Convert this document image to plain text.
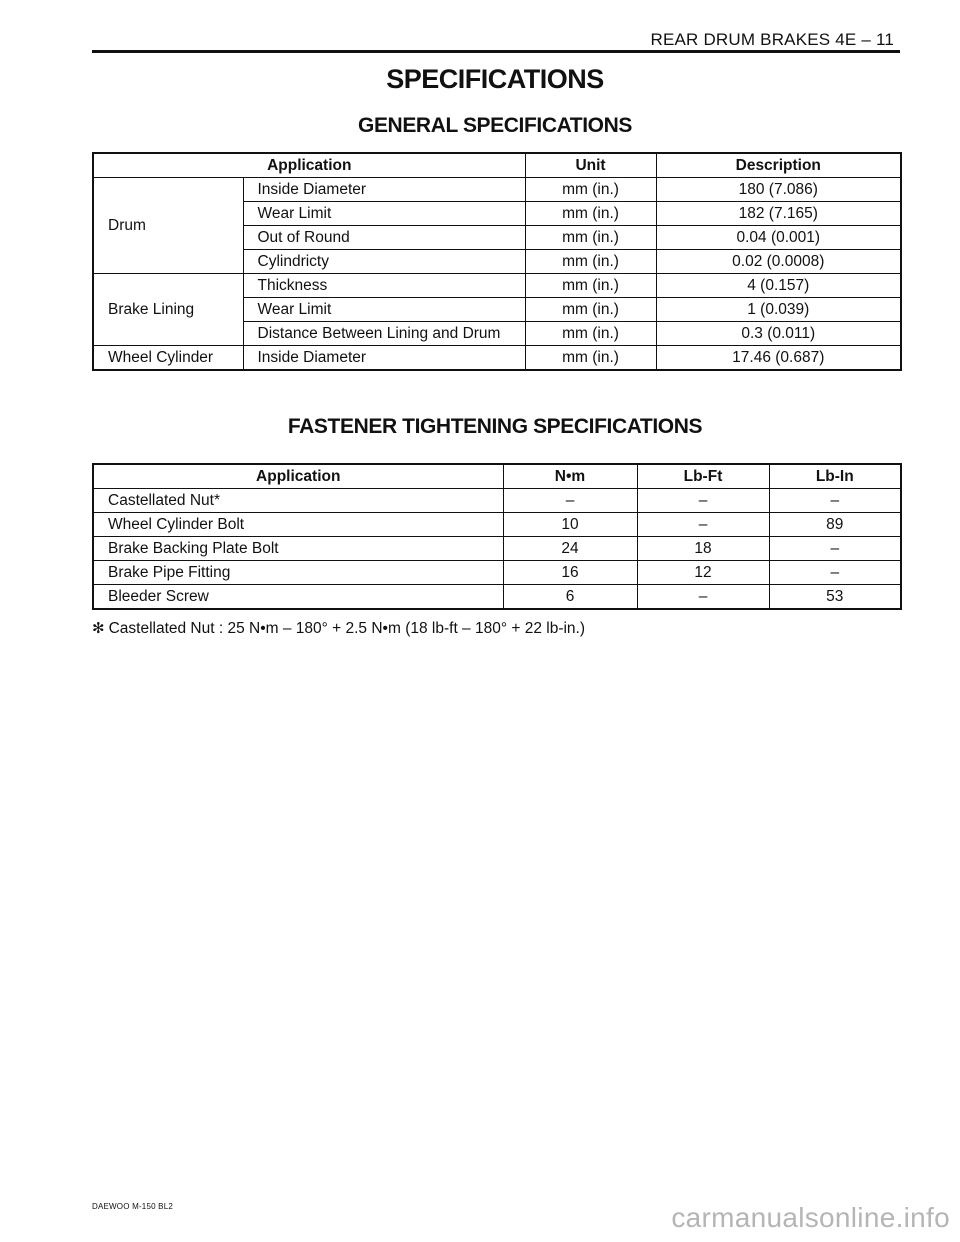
REAR DRUM BRAKES 4E – 11
SPECIFICATIONS
GENERAL SPECIFICATIONS
Application		Unit	Description
Drum	Inside Diameter	mm (in.)	180 (7.086)
	Wear Limit	mm (in.)	182 (7.165)
	Out of Round	mm (in.)	0.04 (0.001)
	Cylindricty	mm (in.)	0.02 (0.0008)
Brake Lining	Thickness	mm (in.)	4 (0.157)
	Wear Limit	mm (in.)	1 (0.039)
	Distance Between Lining and Drum	mm (in.)	0.3 (0.011)
Wheel Cylinder	Inside Diameter	mm (in.)	17.46 (0.687)
FASTENER TIGHTENING SPECIFICATIONS
Application	N•m	Lb-Ft	Lb-In
Castellated Nut*	–	–	–
Wheel Cylinder Bolt	10	–	89
Brake Backing Plate Bolt	24	18	–
Brake Pipe Fitting	16	12	–
Bleeder Screw	6	–	53
✻ Castellated Nut : 25 N•m – 180° + 2.5 N•m (18 lb-ft – 180° + 22 lb-in.)
DAEWOO M-150 BL2	carmanualsonline.info
